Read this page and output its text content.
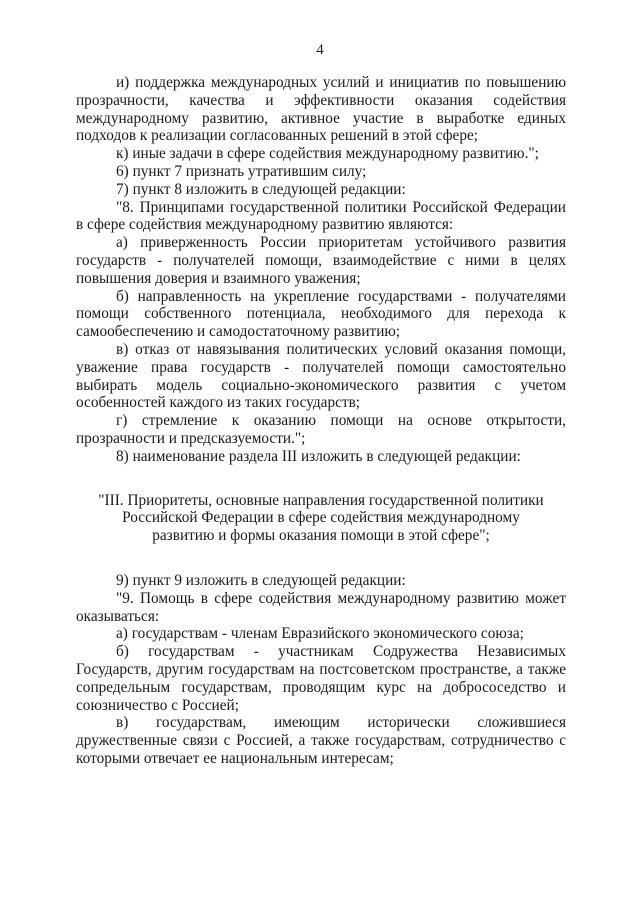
4

и) поддержка международных усилий и инициатив по повышению прозрачности, качества и эффективности оказания содействия международному развитию, активное участие в выработке единых подходов к реализации согласованных решений в этой сфере;

к) иные задачи в сфере содействия международному развитию.";

6) пункт 7 признать утратившим силу;

7) пункт 8 изложить в следующей редакции:

"8. Принципами государственной политики Российской Федерации в сфере содействия международному развитию являются:

а) приверженность России приоритетам устойчивого развития государств - получателей помощи, взаимодействие с ними в целях повышения доверия и взаимного уважения;

б) направленность на укрепление государствами - получателями помощи собственного потенциала, необходимого для перехода к самообеспечению и самодостаточному развитию;

в) отказ от навязывания политических условий оказания помощи, уважение права государств - получателей помощи самостоятельно выбирать модель социально-экономического развития с учетом особенностей каждого из таких государств;

г) стремление к оказанию помощи на основе открытости, прозрачности и предсказуемости.";

8) наименование раздела III изложить в следующей редакции:

"III. Приоритеты, основные направления государственной политики
Российской Федерации в сфере содействия международному
развитию и формы оказания помощи в этой сфере";

9) пункт 9 изложить в следующей редакции:

"9. Помощь в сфере содействия международному развитию может оказываться:

а) государствам - членам Евразийского экономического союза;

б) государствам - участникам Содружества Независимых Государств, другим государствам на постсоветском пространстве, а также сопредельным государствам, проводящим курс на добрососедство и союзничество с Россией;

в) государствам, имеющим исторически сложившиеся дружественные связи с Россией, а также государствам, сотрудничество с которыми отвечает ее национальным интересам;
